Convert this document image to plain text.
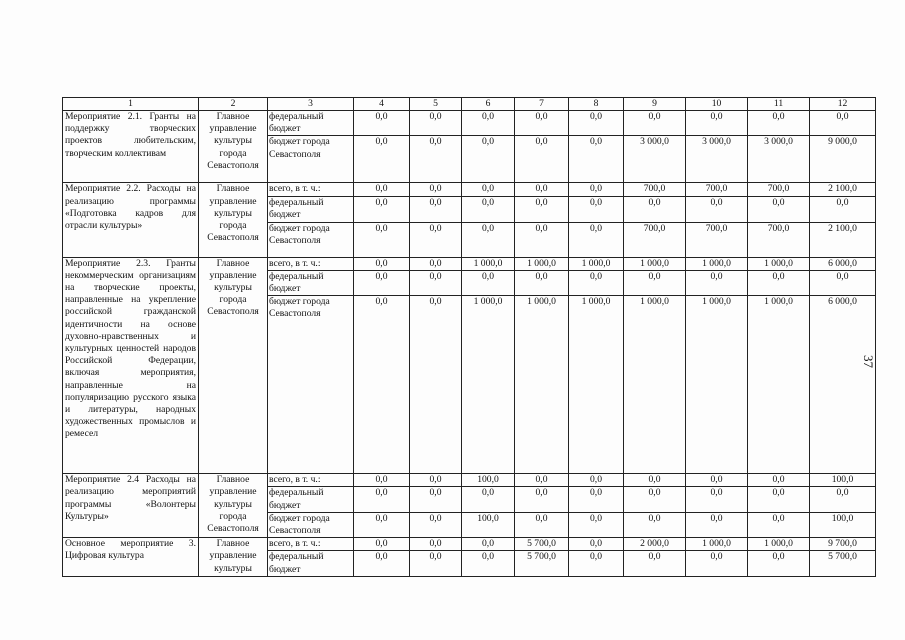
1	2	3	4	5	6	7	8	9	10	11	12
Мероприятие 2.1. Гранты на поддержку творческих проектов любительским, творческим коллективам	Главное управление культуры города Севастополя	федеральный бюджет	0,0	0,0	0,0	0,0	0,0	0,0	0,0	0,0	0,0
		бюджет города Севастополя	0,0	0,0	0,0	0,0	0,0	3 000,0	3 000,0	3 000,0	9 000,0
Мероприятие 2.2. Расходы на реализацию программы «Подготовка кадров для отрасли культуры»	Главное управление культуры города Севастополя	всего, в т. ч.:	0,0	0,0	0,0	0,0	0,0	700,0	700,0	700,0	2 100,0
		федеральный бюджет	0,0	0,0	0,0	0,0	0,0	0,0	0,0	0,0	0,0
		бюджет города Севастополя	0,0	0,0	0,0	0,0	0,0	700,0	700,0	700,0	2 100,0
Мероприятие 2.3. Гранты некоммерческим организациям на творческие проекты, направленные на укрепление российской гражданской идентичности на основе духовно-нравственных и культурных ценностей народов Российской Федерации, включая мероприятия, направленные на популяризацию русского языка и литературы, народных художественных промыслов и ремесел	Главное управление культуры города Севастополя	всего, в т. ч.:	0,0	0,0	1 000,0	1 000,0	1 000,0	1 000,0	1 000,0	1 000,0	6 000,0
		федеральный бюджет	0,0	0,0	0,0	0,0	0,0	0,0	0,0	0,0	0,0
		бюджет города Севастополя	0,0	0,0	1 000,0	1 000,0	1 000,0	1 000,0	1 000,0	1 000,0	6 000,0
Мероприятие 2.4 Расходы на реализацию мероприятий программы «Волонтеры Культуры»	Главное управление культуры города Севастополя	всего, в т. ч.:	0,0	0,0	100,0	0,0	0,0	0,0	0,0	0,0	100,0
		федеральный бюджет	0,0	0,0	0,0	0,0	0,0	0,0	0,0	0,0	0,0
		бюджет города Севастополя	0,0	0,0	100,0	0,0	0,0	0,0	0,0	0,0	100,0
Основное мероприятие 3. Цифровая культура	Главное управление культуры	всего, в т. ч.:	0,0	0,0	0,0	5 700,0	0,0	2 000,0	1 000,0	1 000,0	9 700,0
		федеральный бюджет	0,0	0,0	0,0	5 700,0	0,0	0,0	0,0	0,0	5 700,0
37
